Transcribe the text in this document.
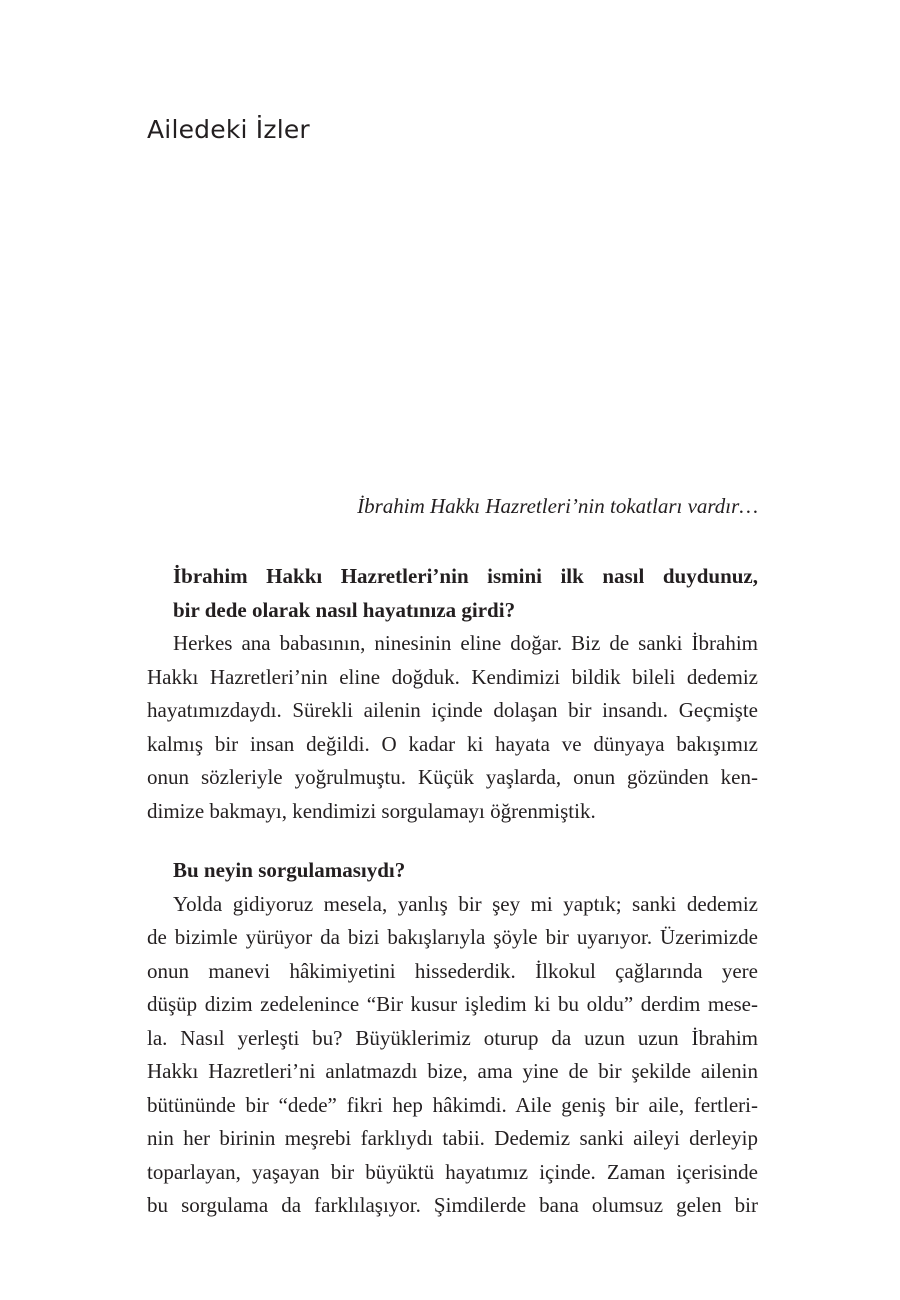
Ailedeki İzler
İbrahim Hakkı Hazretleri’nin tokatları vardır…

İbrahim Hakkı Hazretleri’nin ismini ilk nasıl duydunuz,
bir dede olarak nasıl hayatınıza girdi?

Herkes ana babasının, ninesinin eline doğar. Biz de sanki İbrahim
Hakkı Hazretleri’nin eline doğduk. Kendimizi bildik bileli dedemiz
hayatımızdaydı. Sürekli ailenin içinde dolaşan bir insandı. Geçmişte
kalmış bir insan değildi. O kadar ki hayata ve dünyaya bakışımız
onun sözleriyle yoğrulmuştu. Küçük yaşlarda, onun gözünden ken-
dimize bakmayı, kendimizi sorgulamayı öğrenmiştik.

Bu neyin sorgulamasıydı?

Yolda gidiyoruz mesela, yanlış bir şey mi yaptık; sanki dedemiz
de bizimle yürüyor da bizi bakışlarıyla şöyle bir uyarıyor. Üzerimizde
onun manevi hâkimiyetini hissederdik. İlkokul çağlarında yere
düşüp dizim zedelenince “Bir kusur işledim ki bu oldu” derdim mese-
la. Nasıl yerleşti bu? Büyüklerimiz oturup da uzun uzun İbrahim
Hakkı Hazretleri’ni anlatmazdı bize, ama yine de bir şekilde ailenin
bütününde bir “dede” fikri hep hâkimdi. Aile geniş bir aile, fertleri-
nin her birinin meşrebi farklıydı tabii. Dedemiz sanki aileyi derleyip
toparlayan, yaşayan bir büyüktü hayatımız içinde. Zaman içerisinde
bu sorgulama da farklılaşıyor. Şimdilerde bana olumsuz gelen bir
